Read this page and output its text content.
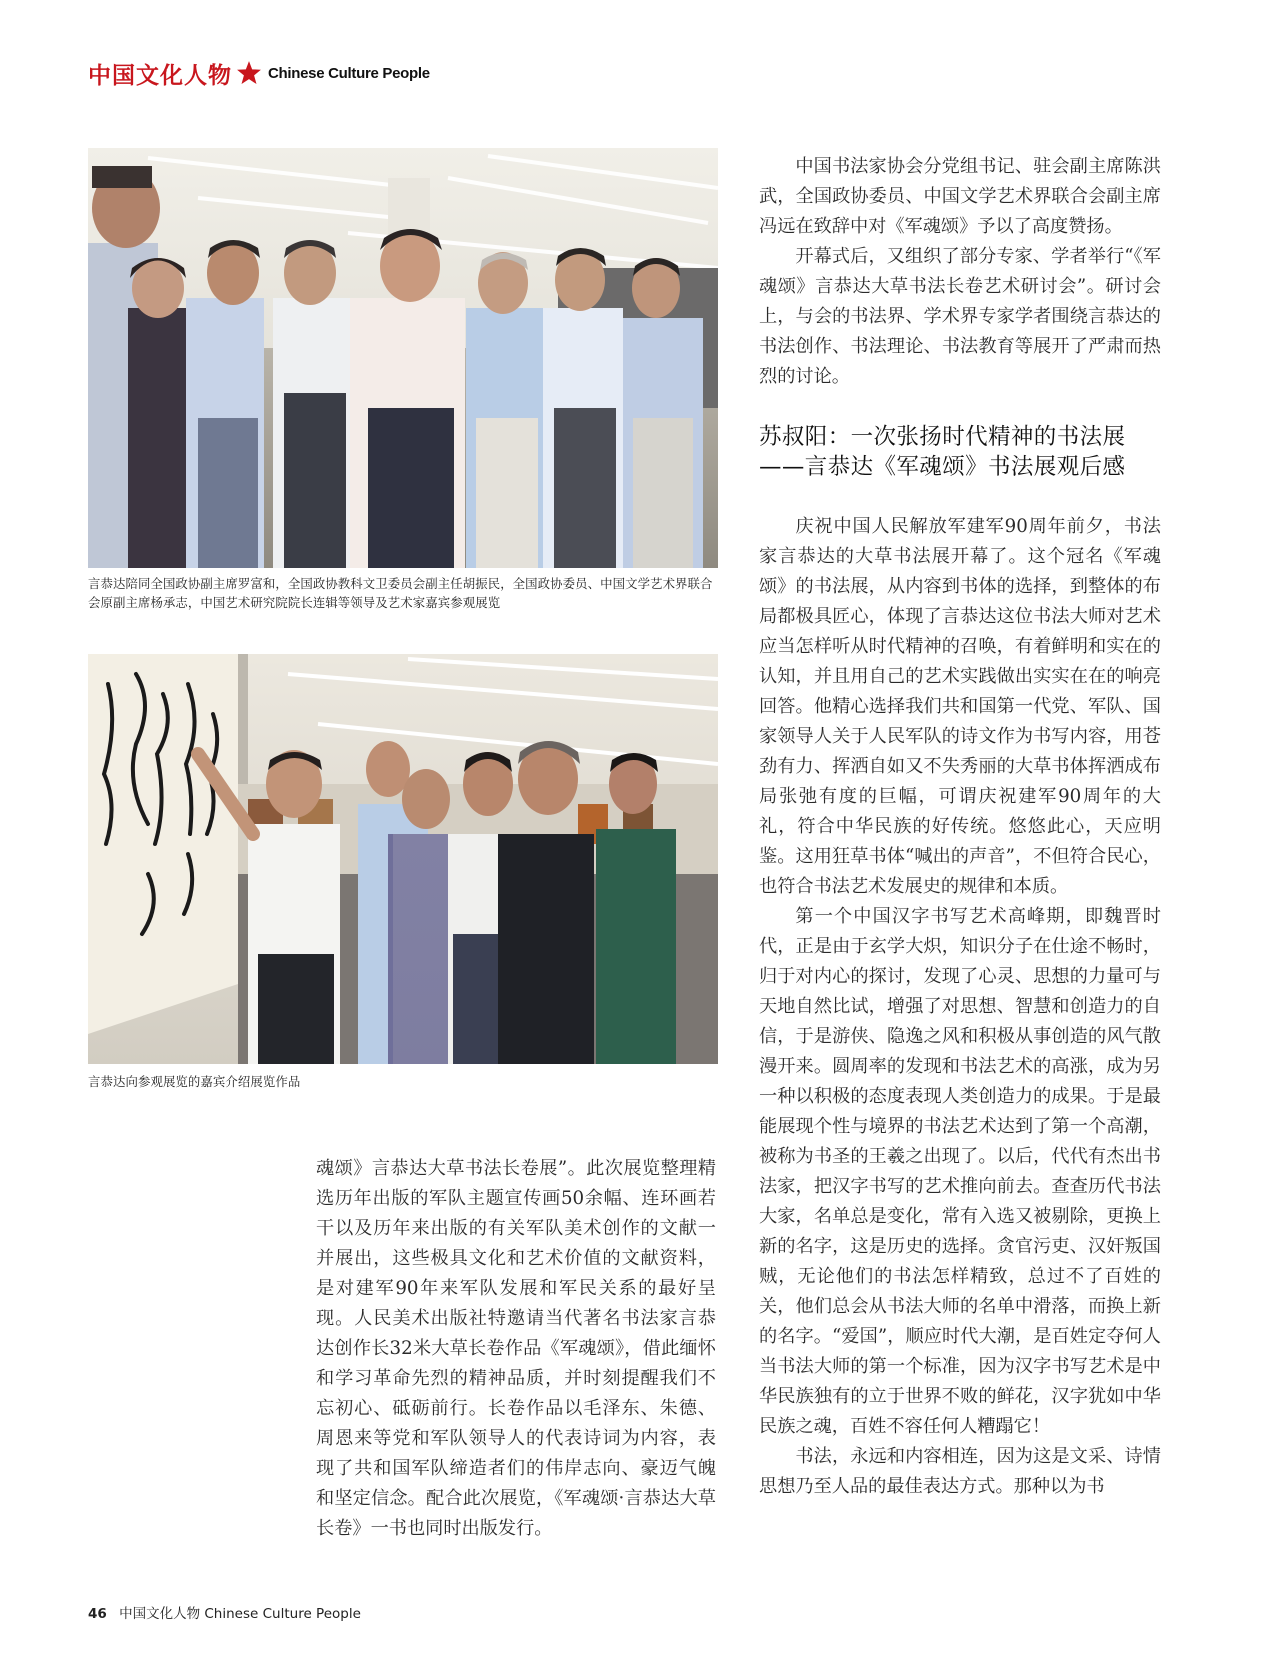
中国文化人物 Chinese Culture People
言恭达陪同全国政协副主席罗富和，全国政协教科文卫委员会副主任胡振民，全国政协委员、中国文学艺术界联合会原副主席杨承志，中国艺术研究院院长连辑等领导及艺术家嘉宾参观展览
言恭达向参观展览的嘉宾介绍展览作品

魂颂》言恭达大草书法长卷展”。此次展览整理精选历年出版的军队主题宣传画50余幅、连环画若干以及历年来出版的有关军队美术创作的文献一并展出，这些极具文化和艺术价值的文献资料，是对建军90年来军队发展和军民关系的最好呈现。人民美术出版社特邀请当代著名书法家言恭达创作长32米大草长卷作品《军魂颂》，借此缅怀和学习革命先烈的精神品质，并时刻提醒我们不忘初心、砥砺前行。长卷作品以毛泽东、朱德、周恩来等党和军队领导人的代表诗词为内容，表现了共和国军队缔造者们的伟岸志向、豪迈气魄和坚定信念。配合此次展览，《军魂颂·言恭达大草长卷》一书也同时出版发行。

中国书法家协会分党组书记、驻会副主席陈洪武，全国政协委员、中国文学艺术界联合会副主席冯远在致辞中对《军魂颂》予以了高度赞扬。

开幕式后，又组织了部分专家、学者举行“《军魂颂》言恭达大草书法长卷艺术研讨会”。研讨会上，与会的书法界、学术界专家学者围绕言恭达的书法创作、书法理论、书法教育等展开了严肃而热烈的讨论。

苏叔阳：一次张扬时代精神的书法展
——言恭达《军魂颂》书法展观后感

庆祝中国人民解放军建军90周年前夕，书法家言恭达的大草书法展开幕了。这个冠名《军魂颂》的书法展，从内容到书体的选择，到整体的布局都极具匠心，体现了言恭达这位书法大师对艺术应当怎样听从时代精神的召唤，有着鲜明和实在的认知，并且用自己的艺术实践做出实实在在的响亮回答。他精心选择我们共和国第一代党、军队、国家领导人关于人民军队的诗文作为书写内容，用苍劲有力、挥洒自如又不失秀丽的大草书体挥洒成布局张弛有度的巨幅，可谓庆祝建军90周年的大礼，符合中华民族的好传统。悠悠此心，天应明鉴。这用狂草书体“喊出的声音”，不但符合民心，也符合书法艺术发展史的规律和本质。

第一个中国汉字书写艺术高峰期，即魏晋时代，正是由于玄学大炽，知识分子在仕途不畅时，归于对内心的探讨，发现了心灵、思想的力量可与天地自然比试，增强了对思想、智慧和创造力的自信，于是游侠、隐逸之风和积极从事创造的风气散漫开来。圆周率的发现和书法艺术的高涨，成为另一种以积极的态度表现人类创造力的成果。于是最能展现个性与境界的书法艺术达到了第一个高潮，被称为书圣的王羲之出现了。以后，代代有杰出书法家，把汉字书写的艺术推向前去。查查历代书法大家，名单总是变化，常有入选又被剔除，更换上新的名字，这是历史的选择。贪官污吏、汉奸叛国贼，无论他们的书法怎样精致，总过不了百姓的关，他们总会从书法大师的名单中滑落，而换上新的名字。“爱国”，顺应时代大潮，是百姓定夺何人当书法大师的第一个标准，因为汉字书写艺术是中华民族独有的立于世界不败的鲜花，汉字犹如中华民族之魂，百姓不容任何人糟蹋它！

书法，永远和内容相连，因为这是文采、诗情思想乃至人品的最佳表达方式。那种以为书

46 中国文化人物 Chinese Culture People
